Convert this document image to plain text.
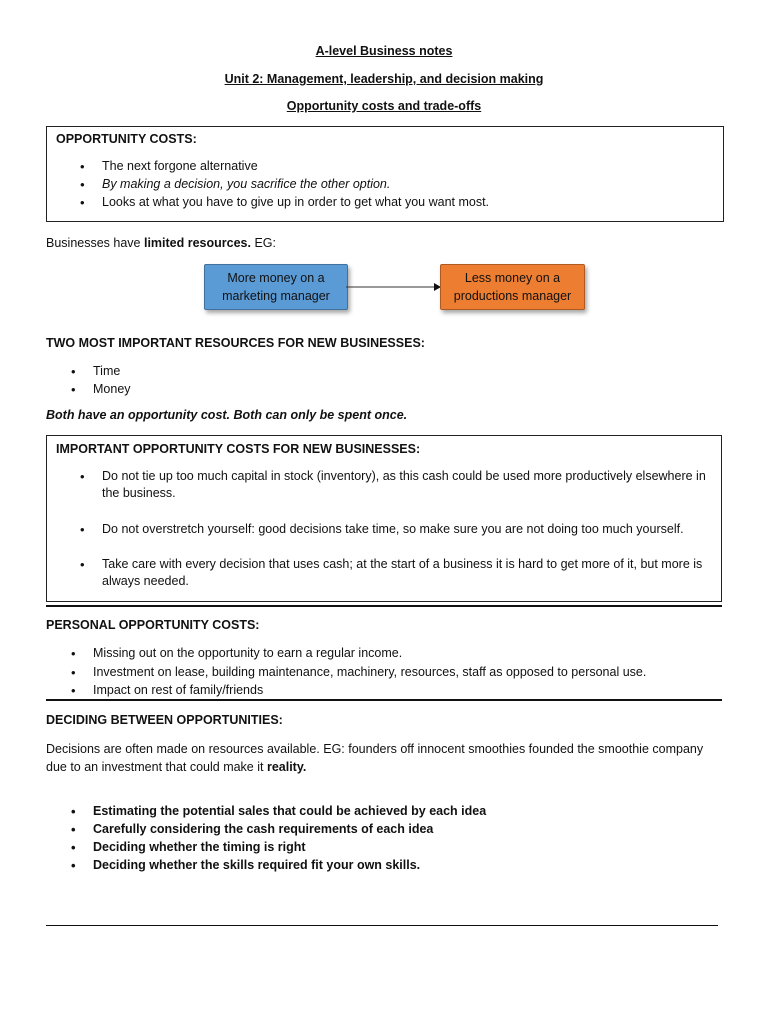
A-level Business notes
Unit 2: Management, leadership, and decision making
Opportunity costs and trade-offs
OPPORTUNITY COSTS:
• The next forgone alternative
• By making a decision, you sacrifice the other option.
• Looks at what you have to give up in order to get what you want most.
Businesses have limited resources. EG:
More money on a marketing manager
Less money on a productions manager
TWO MOST IMPORTANT RESOURCES FOR NEW BUSINESSES:
• Time
• Money
Both have an opportunity cost. Both can only be spent once.
IMPORTANT OPPORTUNITY COSTS FOR NEW BUSINESSES:
• Do not tie up too much capital in stock (inventory), as this cash could be used more productively elsewhere in the business.
• Do not overstretch yourself: good decisions take time, so make sure you are not doing too much yourself.
• Take care with every decision that uses cash; at the start of a business it is hard to get more of it, but more is always needed.
PERSONAL OPPORTUNITY COSTS:
• Missing out on the opportunity to earn a regular income.
• Investment on lease, building maintenance, machinery, resources, staff as opposed to personal use.
• Impact on rest of family/friends
DECIDING BETWEEN OPPORTUNITIES:
Decisions are often made on resources available. EG: founders off innocent smoothies founded the smoothie company due to an investment that could make it reality.
• Estimating the potential sales that could be achieved by each idea
• Carefully considering the cash requirements of each idea
• Deciding whether the timing is right
• Deciding whether the skills required fit your own skills.
